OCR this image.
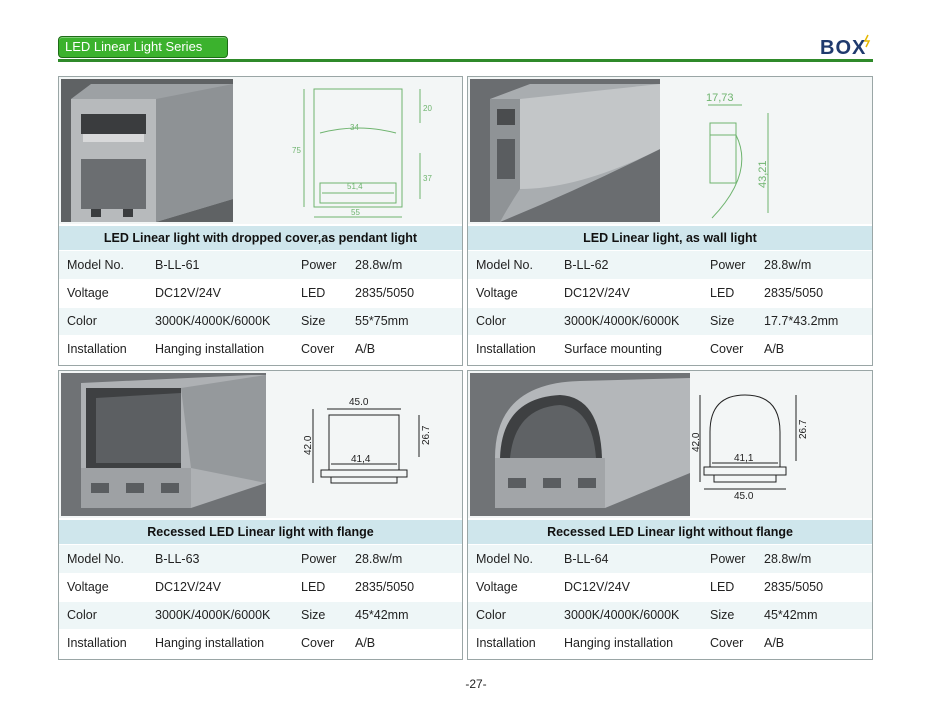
LED Linear Light Series	BOX
20
34
75
37
51,4
55
LED Linear light with dropped cover,as pendant light
Model No.	B-LL-61	Power	28.8w/m
Voltage	DC12V/24V	LED	2835/5050
Color	3000K/4000K/6000K	Size	55*75mm
Installation	Hanging installation	Cover	A/B
17,73
43,21
LED Linear light, as wall light
Model No.	B-LL-62	Power	28.8w/m
Voltage	DC12V/24V	LED	2835/5050
Color	3000K/4000K/6000K	Size	17.7*43.2mm
Installation	Surface mounting	Cover	A/B
45.0
42.0
26.7
41,4
Recessed LED Linear light with flange
Model No.	B-LL-63	Power	28.8w/m
Voltage	DC12V/24V	LED	2835/5050
Color	3000K/4000K/6000K	Size	45*42mm
Installation	Hanging installation	Cover	A/B
42.0
26.7
41,1
45.0
Recessed LED Linear light without flange
Model No.	B-LL-64	Power	28.8w/m
Voltage	DC12V/24V	LED	2835/5050
Color	3000K/4000K/6000K	Size	45*42mm
Installation	Hanging installation	Cover	A/B
-27-
